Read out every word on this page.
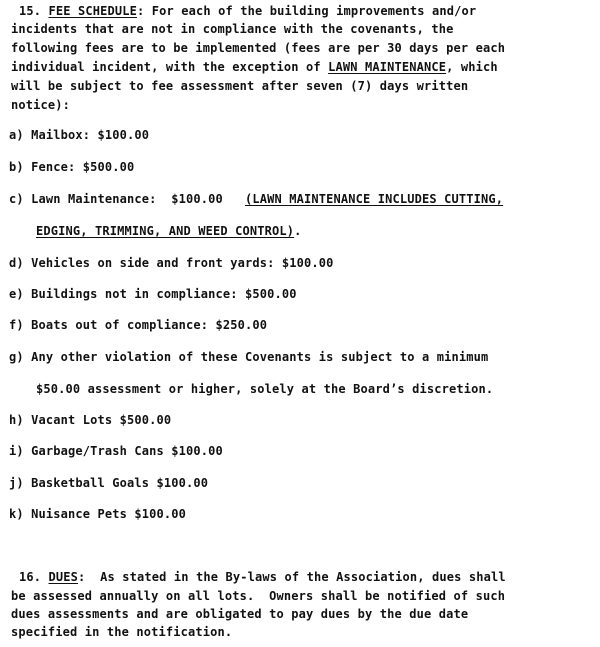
15. FEE SCHEDULE: For each of the building improvements and/or
incidents that are not in compliance with the covenants, the
following fees are to be implemented (fees are per 30 days per each
individual incident, with the exception of LAWN MAINTENANCE, which
will be subject to fee assessment after seven (7) days written
notice):
a) Mailbox: $100.00
b) Fence: $500.00
c) Lawn Maintenance:  $100.00   (LAWN MAINTENANCE INCLUDES CUTTING,
EDGING, TRIMMING, AND WEED CONTROL).
d) Vehicles on side and front yards: $100.00
e) Buildings not in compliance: $500.00
f) Boats out of compliance: $250.00
g) Any other violation of these Covenants is subject to a minimum
$50.00 assessment or higher, solely at the Board’s discretion.
h) Vacant Lots $500.00
i) Garbage/Trash Cans $100.00
j) Basketball Goals $100.00
k) Nuisance Pets $100.00
16. DUES:  As stated in the By-laws of the Association, dues shall
be assessed annually on all lots.  Owners shall be notified of such
dues assessments and are obligated to pay dues by the due date
specified in the notification.
